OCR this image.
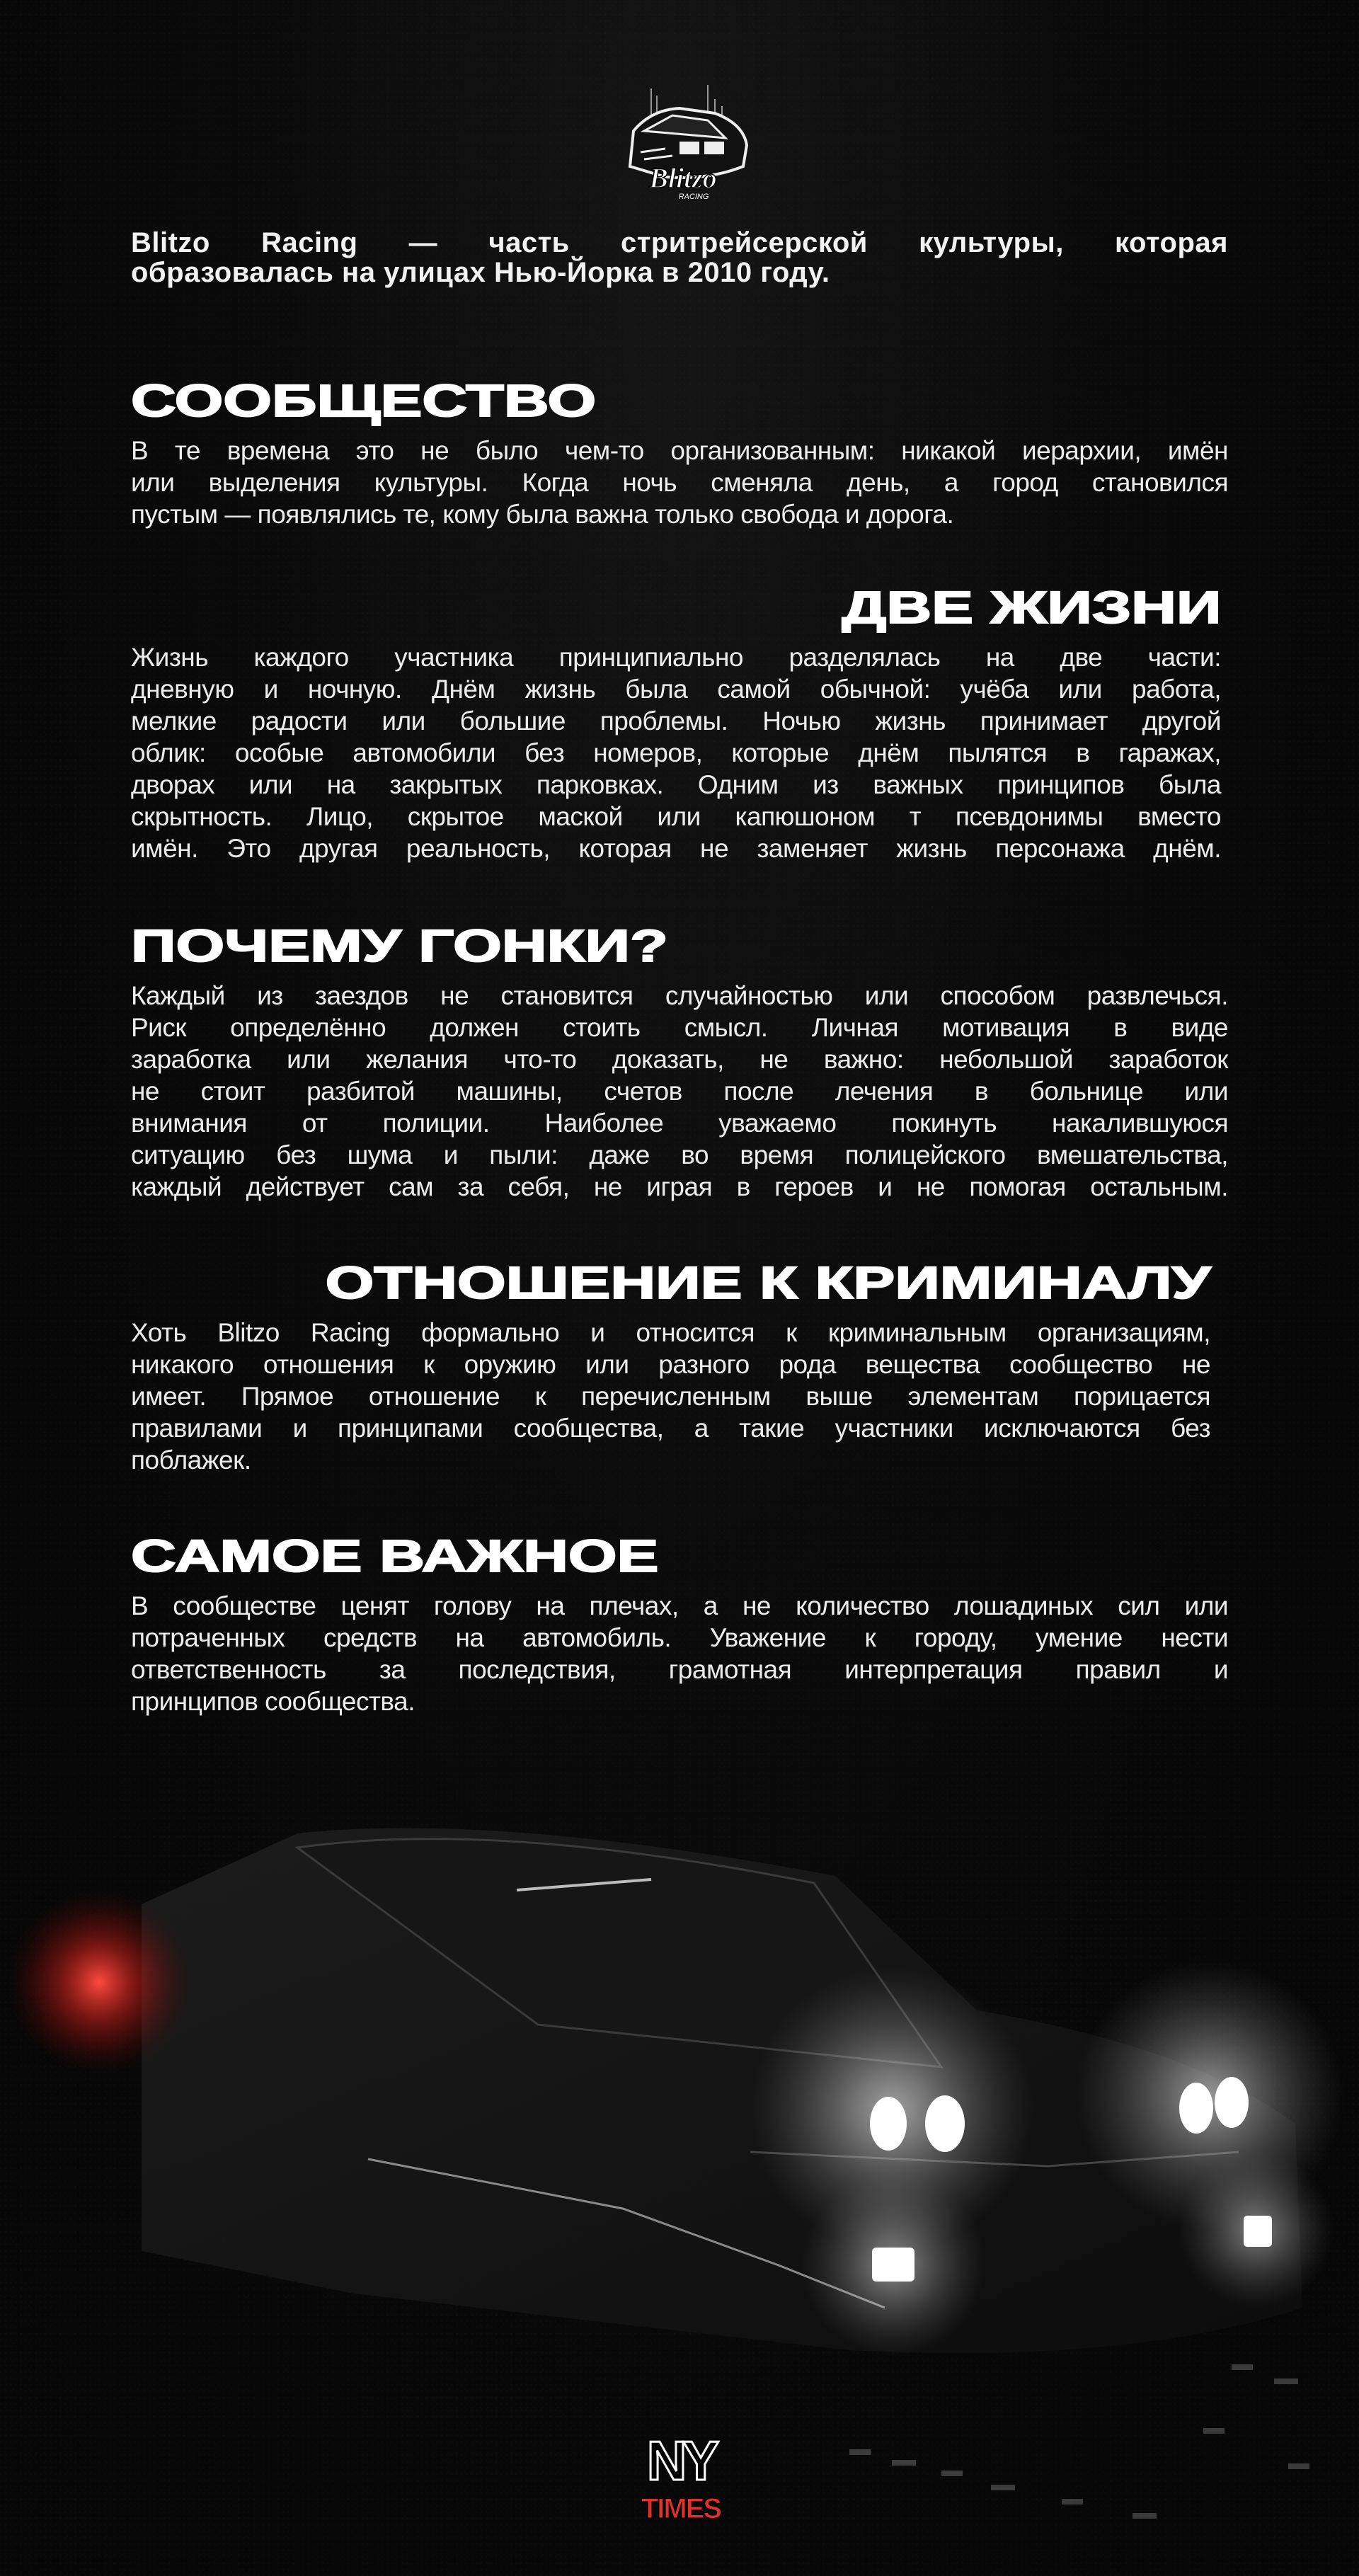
Blitzo
RACING
Blitzo Racing — часть стритрейсерской культуры, которая
образовалась на улицах Нью-Йорка в 2010 году.
СООБЩЕСТВО
В те времена это не было чем-то организованным: никакой иерархии, имён
или выделения культуры. Когда ночь сменяла день, а город становился
пустым — появлялись те, кому была важна только свобода и дорога.
ДВЕ ЖИЗНИ
Жизнь каждого участника принципиально разделялась на две части:
дневную и ночную. Днём жизнь была самой обычной: учёба или работа,
мелкие радости или большие проблемы. Ночью жизнь принимает другой
облик: особые автомобили без номеров, которые днём пылятся в гаражах,
дворах или на закрытых парковках. Одним из важных принципов была
скрытность. Лицо, скрытое маской или капюшоном т псевдонимы вместо
имён. Это другая реальность, которая не заменяет жизнь персонажа днём.
ПОЧЕМУ ГОНКИ?
Каждый из заездов не становится случайностью или способом развлечься.
Риск определённо должен стоить смысл. Личная мотивация в виде
заработка или желания что-то доказать, не важно: небольшой заработок
не стоит разбитой машины, счетов после лечения в больнице или
внимания от полиции. Наиболее уважаемо покинуть накалившуюся
ситуацию без шума и пыли: даже во время полицейского вмешательства,
каждый действует сам за себя, не играя в героев и не помогая остальным.
ОТНОШЕНИЕ К КРИМИНАЛУ
Хоть Blitzo Racing формально и относится к криминальным организациям,
никакого отношения к оружию или разного рода вещества сообщество не
имеет. Прямое отношение к перечисленным выше элементам порицается
правилами и принципами сообщества, а такие участники исключаются без
поблажек.
САМОЕ ВАЖНОЕ
В сообществе ценят голову на плечах, а не количество лошадиных сил или
потраченных средств на автомобиль. Уважение к городу, умение нести
ответственность за последствия, грамотная интерпретация правил и
принципов сообщества.
NY
TIMES
